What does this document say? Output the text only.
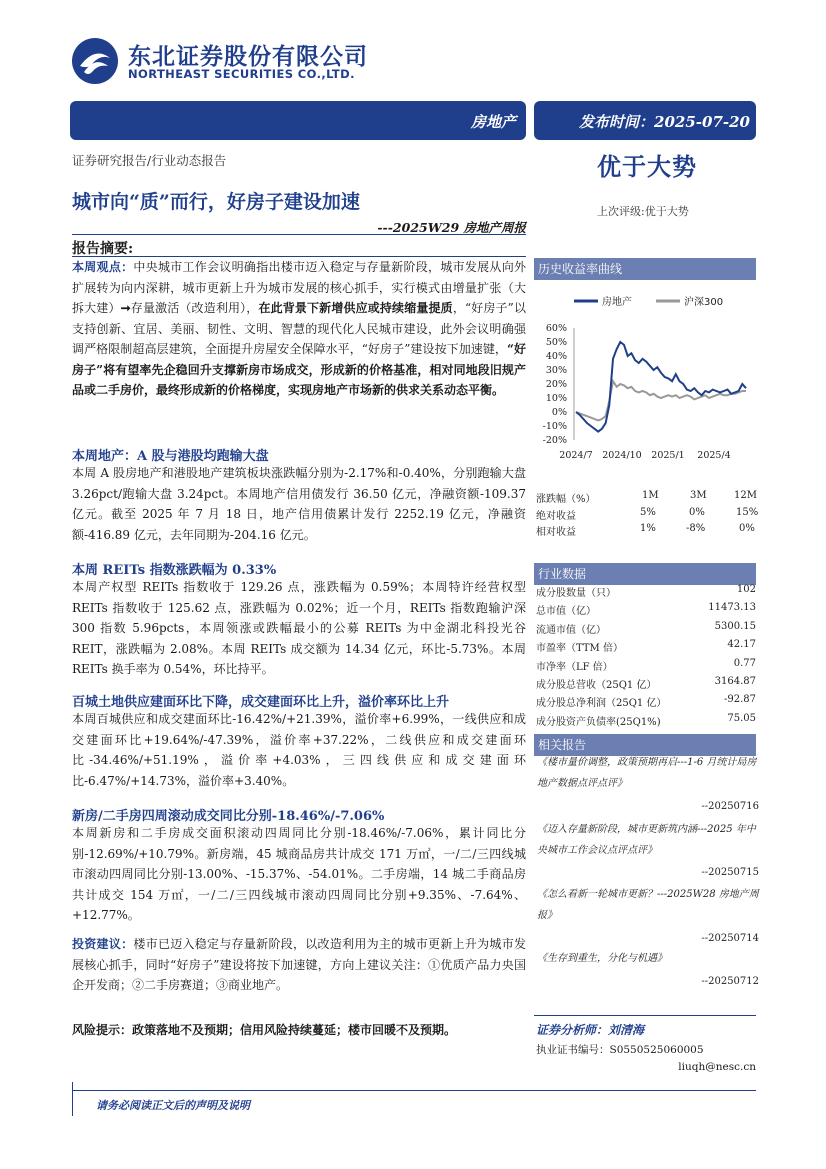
东北证券股份有限公司
NORTHEAST SECURITIES CO.,LTD.
房地产	发布时间：2025-07-20
证券研究报告/行业动态报告	优于大势
城市向“质”而行，好房子建设加速
---2025W29 房地产周报
上次评级:优于大势
报告摘要:
本周观点：中央城市工作会议明确指出楼市迈入稳定与存量新阶段，城市发展从向外扩展转为向内深耕，城市更新上升为城市发展的核心抓手，实行模式由增量扩张（大拆大建）➞存量激活（改造利用），在此背景下新增供应或持续缩量提质，“好房子”以支持创新、宜居、美丽、韧性、文明、智慧的现代化人民城市建设，此外会议明确强调严格限制超高层建筑，全面提升房屋安全保障水平，“好房子”建设按下加速键，“好房子”将有望率先企稳回升支撑新房市场成交，形成新的价格基准，相对同地段旧规产品或二手房价，最终形成新的价格梯度，实现房地产市场新的供求关系动态平衡。
本周地产：A 股与港股均跑输大盘
本周 A 股房地产和港股地产建筑板块涨跌幅分别为-2.17%和-0.40%，分别跑输大盘 3.26pct/跑输大盘 3.24pct。本周地产信用债发行 36.50 亿元，净融资额-109.37 亿元。截至 2025 年 7 月 18 日，地产信用债累计发行 2252.19 亿元，净融资额-416.89 亿元，去年同期为-204.16 亿元。
本周 REITs 指数涨跌幅为 0.33%
本周产权型 REITs 指数收于 129.26 点，涨跌幅为 0.59%；本周特许经营权型 REITs 指数收于 125.62 点，涨跌幅为 0.02%；近一个月，REITs 指数跑输沪深 300 指数 5.96pcts，本周领涨或跌幅最小的公募 REITs 为中金湖北科投光谷 REIT，涨跌幅为 2.08%。本周 REITs 成交额为 14.34 亿元，环比-5.73%。本周 REITs 换手率为 0.54%，环比持平。
百城土地供应建面环比下降，成交建面环比上升，溢价率环比上升
本周百城供应和成交建面环比-16.42%/+21.39%，溢价率+6.99%，一线供应和成交建面环比+19.64%/-47.39%，溢价率+37.22%，二线供应和成交建面环比-34.46%/+51.19%，溢价率+4.03%，三四线供应和成交建面环比-6.47%/+14.73%，溢价率+3.40%。
新房/二手房四周滚动成交同比分别-18.46%/-7.06%
本周新房和二手房成交面积滚动四周同比分别-18.46%/-7.06%，累计同比分别-12.69%/+10.79%。新房端，45 城商品房共计成交 171 万㎡，一/二/三四线城市滚动四周同比分别-13.00%、-15.37%、-54.01%。二手房端，14 城二手商品房共计成交 154 万㎡，一/二/三四线城市滚动四周同比分别+9.35%、-7.64%、+12.77%。
投资建议：楼市已迈入稳定与存量新阶段，以改造利用为主的城市更新上升为城市发展核心抓手，同时“好房子”建设将按下加速键，方向上建议关注：①优质产品力央国企开发商；②二手房赛道；③商业地产。
风险提示：政策落地不及预期；信用风险持续蔓延；楼市回暖不及预期。
历史收益率曲线
房地产	沪深300
60%
50%
40%
30%
20%
10%
0%
-10%
-20%
2024/7 2024/10 2025/1 2025/4
涨跌幅（%）	1M	3M	12M
绝对收益	5%	0%	15%
相对收益	1%	-8%	0%
行业数据
成分股数量（只）	102
总市值（亿）	11473.13
流通市值（亿）	5300.15
市盈率（TTM 倍）	42.17
市净率（LF 倍）	0.77
成分股总营收（25Q1 亿）	3164.87
成分股总净利润（25Q1 亿）	-92.87
成分股资产负债率(25Q1%)	75.05
相关报告
《楼市量价调整，政策预期再启---1-6 月统计局房地产数据点评点评》
--20250716
《迈入存量新阶段，城市更新筑内涵---2025 年中央城市工作会议点评点评》
--20250715
《怎么看新一轮城市更新？---2025W28 房地产周报》
--20250714
《生存到重生，分化与机遇》
--20250712
证券分析师：刘清海
执业证书编号：S0550525060005
liuqh@nesc.cn
请务必阅读正文后的声明及说明
